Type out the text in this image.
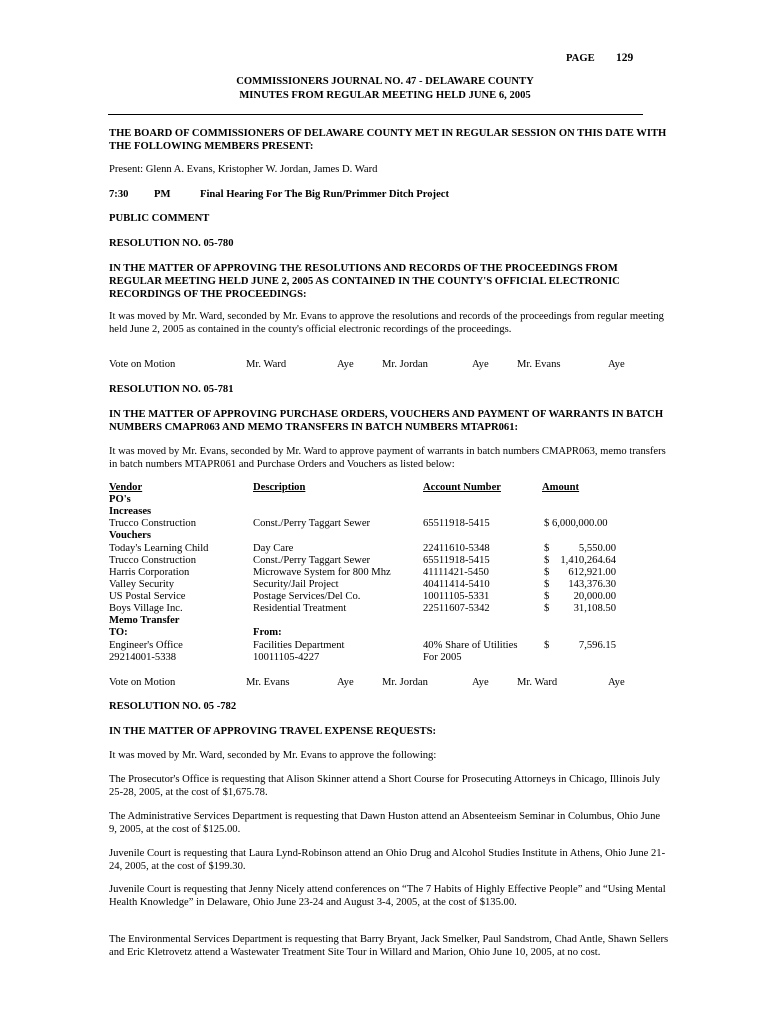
PAGE 129
COMMISSIONERS JOURNAL NO. 47 - DELAWARE COUNTY
MINUTES FROM REGULAR MEETING HELD JUNE 6, 2005
THE BOARD OF COMMISSIONERS OF DELAWARE COUNTY MET IN REGULAR SESSION ON THIS DATE WITH THE FOLLOWING MEMBERS PRESENT:
Present: Glenn A. Evans, Kristopher W. Jordan, James D. Ward
7:30 PM	Final Hearing For The Big Run/Primmer Ditch Project
PUBLIC COMMENT
RESOLUTION NO. 05-780
IN THE MATTER OF APPROVING THE RESOLUTIONS AND RECORDS OF THE PROCEEDINGS FROM REGULAR MEETING HELD JUNE 2, 2005 AS CONTAINED IN THE COUNTY'S OFFICIAL ELECTRONIC RECORDINGS OF THE PROCEEDINGS:
It was moved by Mr. Ward, seconded by Mr. Evans to approve the resolutions and records of the proceedings from regular meeting held June 2, 2005 as contained in the county's official electronic recordings of the proceedings.
Vote on Motion	Mr. Ward	Aye	Mr. Jordan	Aye	Mr. Evans	Aye
RESOLUTION NO. 05-781
IN THE MATTER OF APPROVING PURCHASE ORDERS, VOUCHERS AND PAYMENT OF WARRANTS IN BATCH NUMBERS CMAPR063 AND MEMO TRANSFERS IN BATCH NUMBERS MTAPR061:
It was moved by Mr. Evans, seconded by Mr. Ward to approve payment of warrants in batch numbers CMAPR063, memo transfers in batch numbers MTAPR061 and Purchase Orders and Vouchers as listed below:
Vendor	Description	Account Number	Amount
PO's
Increases
Trucco Construction	Const./Perry Taggart Sewer	65511918-5415	$ 6,000,000.00
Vouchers
Today's Learning Child	Day Care	22411610-5348	$	5,550.00
Trucco Construction	Const./Perry Taggart Sewer	65511918-5415	$ 1,410,264.64
Harris Corporation	Microwave System for 800 Mhz	41111421-5450	$ 612,921.00
Valley Security	Security/Jail Project	40411414-5410	$ 143,376.30
US Postal Service	Postage Services/Del Co.	10011105-5331	$ 20,000.00
Boys Village Inc.	Residential Treatment	22511607-5342	$ 31,108.50
Memo Transfer
TO:	From:
Engineer's Office	Facilities Department	40% Share of Utilities	$	7,596.15
29214001-5338	10011105-4227	For 2005
Vote on Motion	Mr. Evans	Aye	Mr. Jordan	Aye	Mr. Ward	Aye
RESOLUTION NO. 05 -782
IN THE MATTER OF APPROVING TRAVEL EXPENSE REQUESTS:
It was moved by Mr. Ward, seconded by Mr. Evans to approve the following:
The Prosecutor's Office is requesting that Alison Skinner attend a Short Course for Prosecuting Attorneys in Chicago, Illinois July 25-28, 2005, at the cost of $1,675.78.
The Administrative Services Department is requesting that Dawn Huston attend an Absenteeism Seminar in Columbus, Ohio June 9, 2005, at the cost of $125.00.
Juvenile Court is requesting that Laura Lynd-Robinson attend an Ohio Drug and Alcohol Studies Institute in Athens, Ohio June 21-24, 2005, at the cost of $199.30.
Juvenile Court is requesting that Jenny Nicely attend conferences on “The 7 Habits of Highly Effective People” and “Using Mental Health Knowledge” in Delaware, Ohio June 23-24 and August 3-4, 2005, at the cost of $135.00.
The Environmental Services Department is requesting that Barry Bryant, Jack Smelker, Paul Sandstrom, Chad Antle, Shawn Sellers and Eric Kletrovetz attend a Wastewater Treatment Site Tour in Willard and Marion, Ohio June 10, 2005, at no cost.
